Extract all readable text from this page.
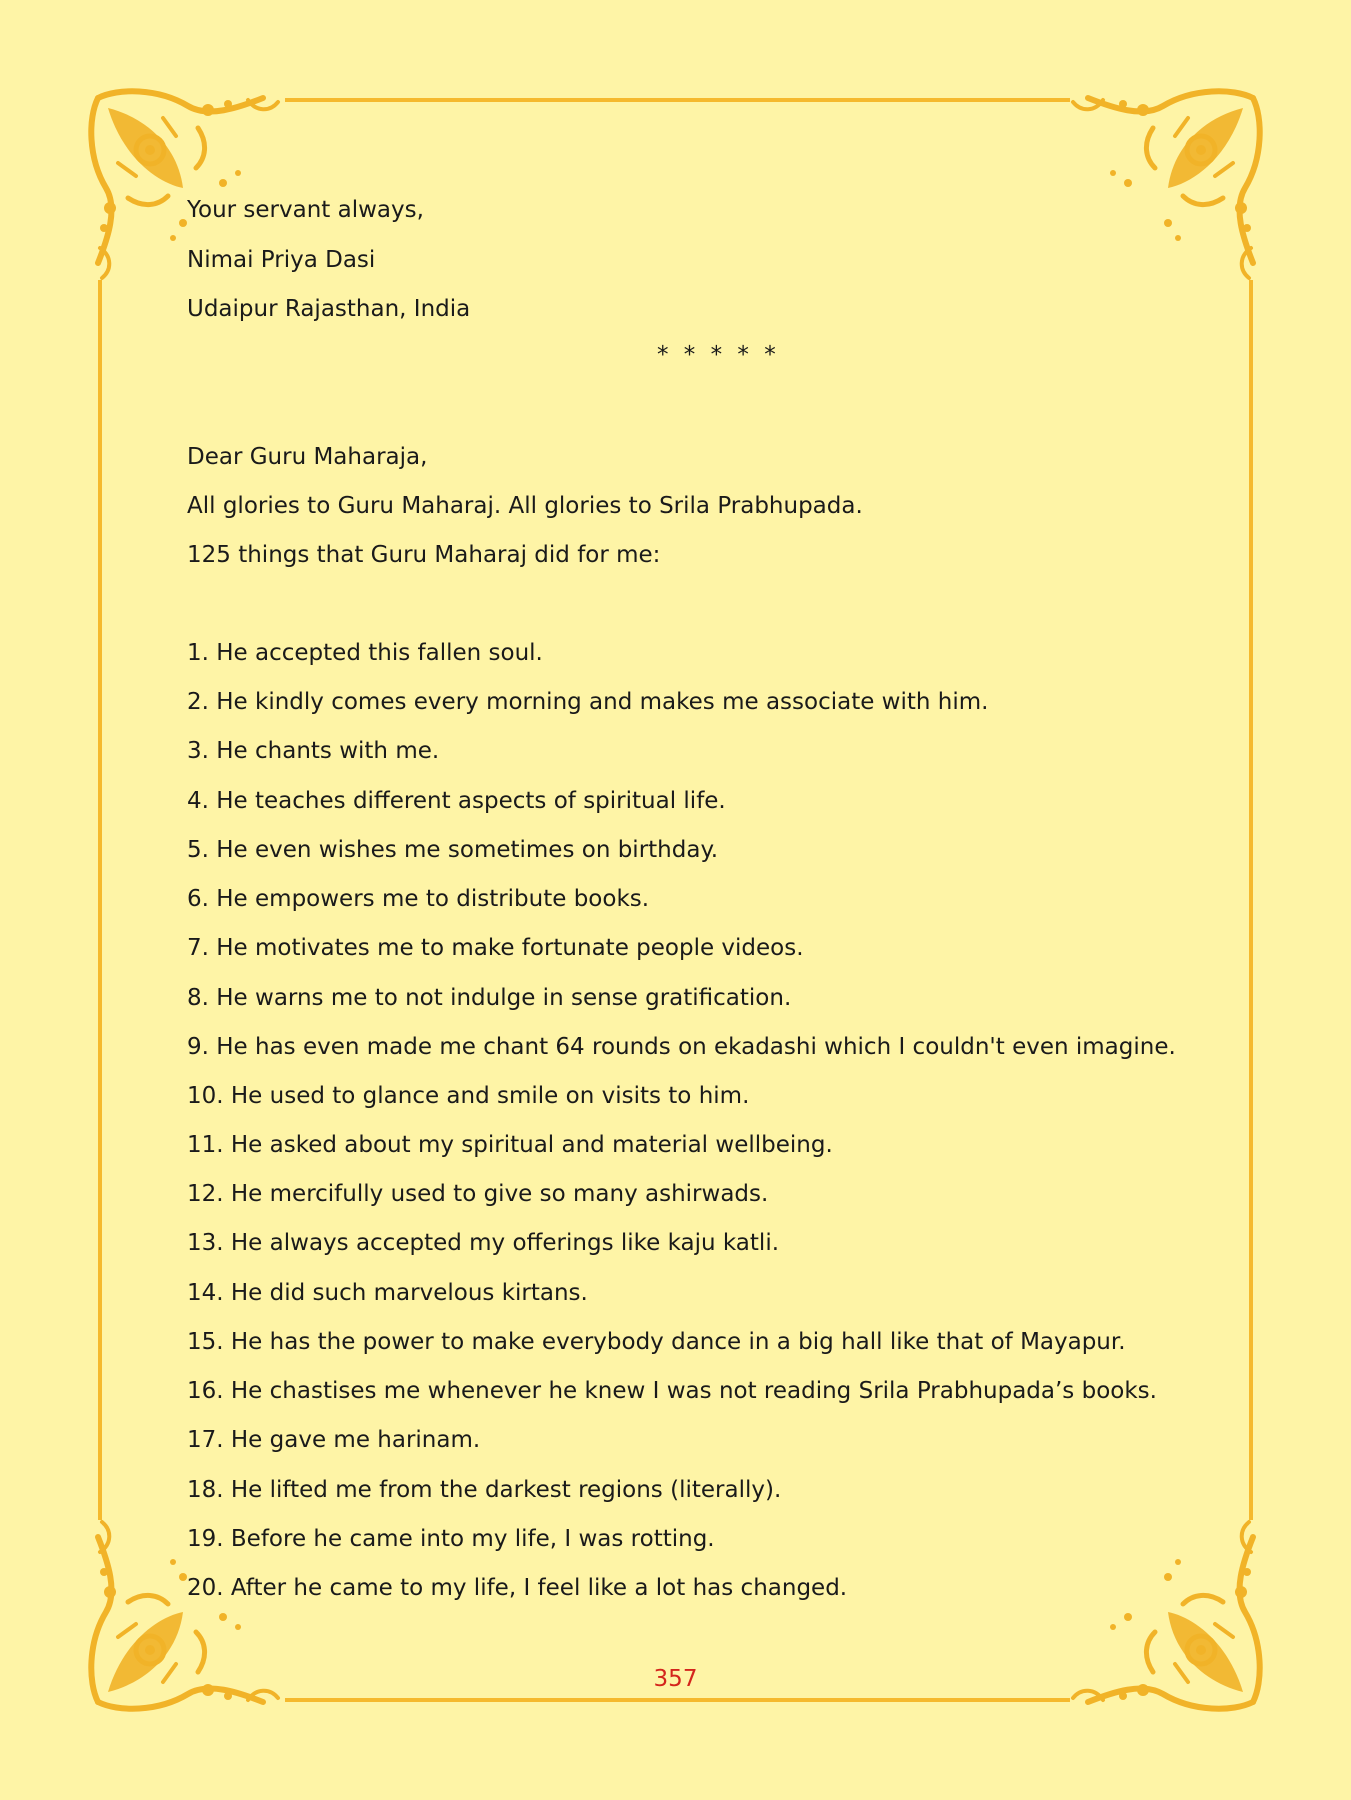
Your servant always,
Nimai Priya Dasi
Udaipur Rajasthan, India
* * * * *
Dear Guru Maharaja,
All glories to Guru Maharaj. All glories to Srila Prabhupada.
125 things that Guru Maharaj did for me:
1. He accepted this fallen soul.
2. He kindly comes every morning and makes me associate with him.
3. He chants with me.
4. He teaches different aspects of spiritual life.
5. He even wishes me sometimes on birthday.
6. He empowers me to distribute books.
7. He motivates me to make fortunate people videos.
8. He warns me to not indulge in sense gratification.
9. He has even made me chant 64 rounds on ekadashi which I couldn't even imagine.
10. He used to glance and smile on visits to him.
11. He asked about my spiritual and material wellbeing.
12. He mercifully used to give so many ashirwads.
13. He always accepted my offerings like kaju katli.
14. He did such marvelous kirtans.
15. He has the power to make everybody dance in a big hall like that of Mayapur.
16. He chastises me whenever he knew I was not reading Srila Prabhupada’s books.
17. He gave me harinam.
18. He lifted me from the darkest regions (literally).
19. Before he came into my life, I was rotting.
20. After he came to my life, I feel like a lot has changed.
357
